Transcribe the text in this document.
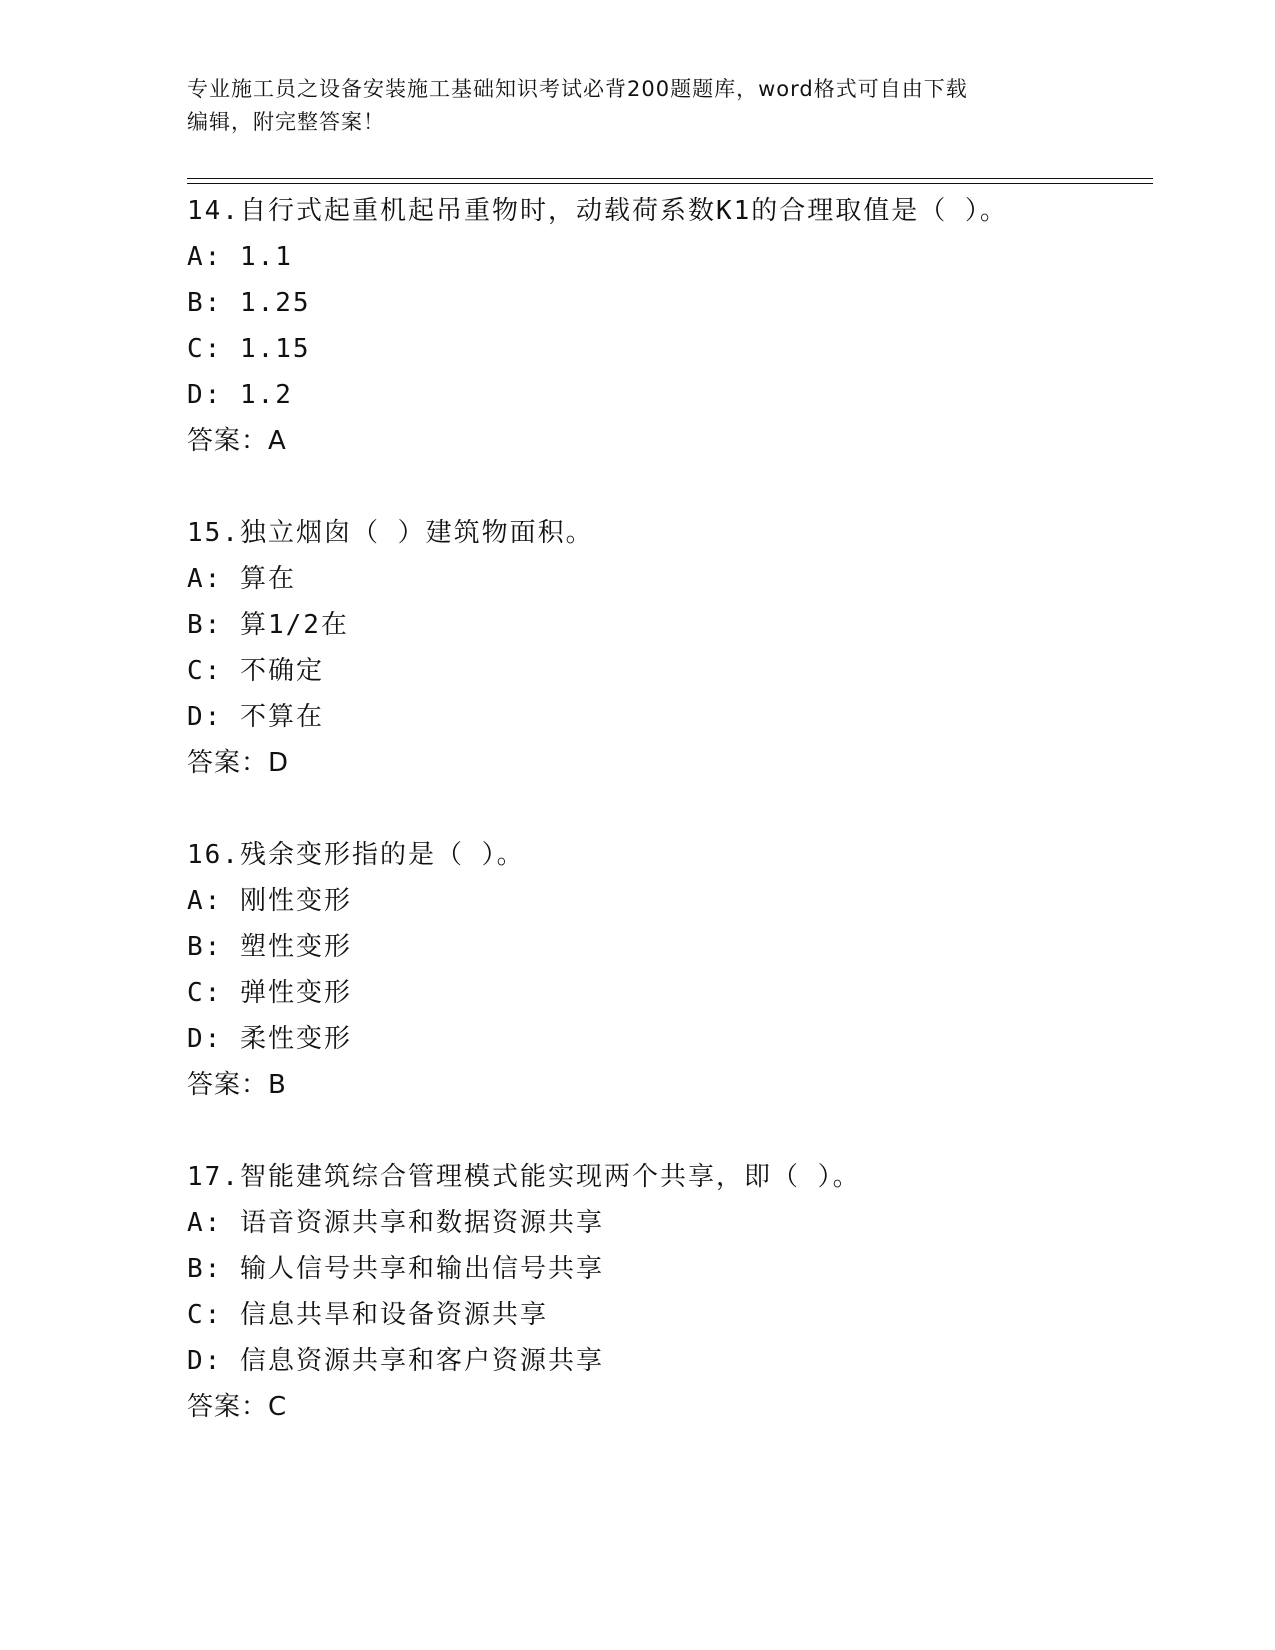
专业施工员之设备安装施工基础知识考试必背200题题库，word格式可自由下载
编辑，附完整答案！
14.自行式起重机起吊重物时，动载荷系数K1的合理取值是（ ）。
A: 1.1
B: 1.25
C: 1.15
D: 1.2
答案：A
15.独立烟囱（ ）建筑物面积。
A: 算在
B: 算1/2在
C: 不确定
D: 不算在
答案：D
16.残余变形指的是（ ）。
A: 刚性变形
B: 塑性变形
C: 弹性变形
D: 柔性变形
答案：B
17.智能建筑综合管理模式能实现两个共享，即（ ）。
A: 语音资源共享和数据资源共享
B: 输人信号共享和输出信号共享
C: 信息共旱和设备资源共享
D: 信息资源共享和客户资源共享
答案：C
